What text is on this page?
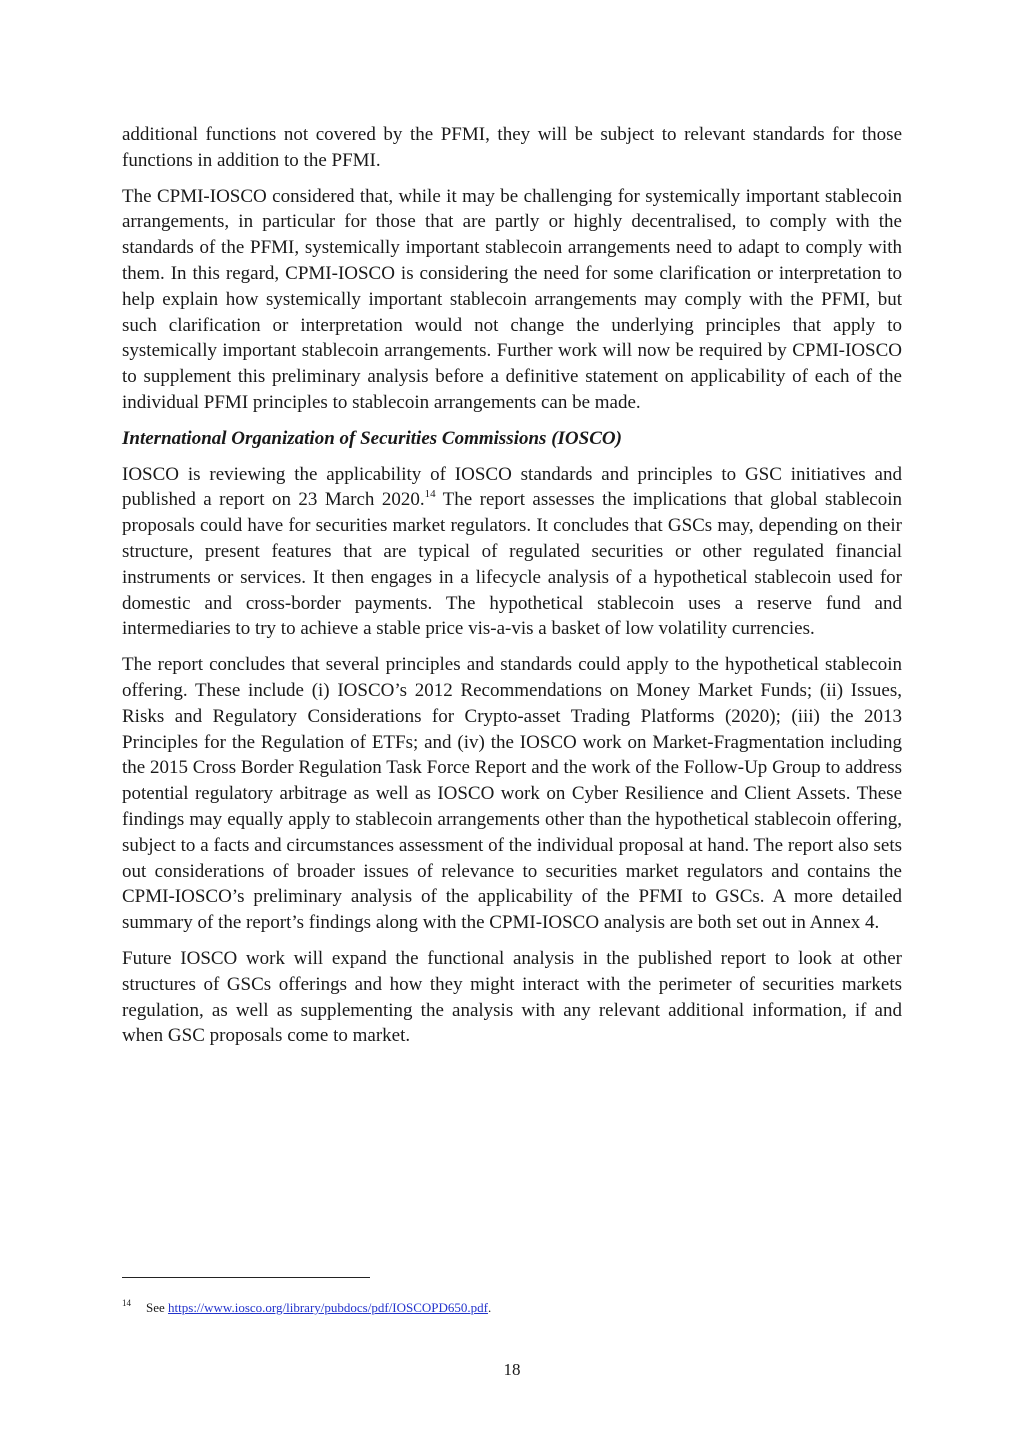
additional functions not covered by the PFMI, they will be subject to relevant standards for those functions in addition to the PFMI.

The CPMI-IOSCO considered that, while it may be challenging for systemically important stablecoin arrangements, in particular for those that are partly or highly decentralised, to comply with the standards of the PFMI, systemically important stablecoin arrangements need to adapt to comply with them. In this regard, CPMI-IOSCO is considering the need for some clarification or interpretation to help explain how systemically important stablecoin arrangements may comply with the PFMI, but such clarification or interpretation would not change the underlying principles that apply to systemically important stablecoin arrangements. Further work will now be required by CPMI-IOSCO to supplement this preliminary analysis before a definitive statement on applicability of each of the individual PFMI principles to stablecoin arrangements can be made.

International Organization of Securities Commissions (IOSCO)

IOSCO is reviewing the applicability of IOSCO standards and principles to GSC initiatives and published a report on 23 March 2020.14 The report assesses the implications that global stablecoin proposals could have for securities market regulators. It concludes that GSCs may, depending on their structure, present features that are typical of regulated securities or other regulated financial instruments or services. It then engages in a lifecycle analysis of a hypothetical stablecoin used for domestic and cross-border payments. The hypothetical stablecoin uses a reserve fund and intermediaries to try to achieve a stable price vis-a-vis a basket of low volatility currencies.

The report concludes that several principles and standards could apply to the hypothetical stablecoin offering. These include (i) IOSCO’s 2012 Recommendations on Money Market Funds; (ii) Issues, Risks and Regulatory Considerations for Crypto-asset Trading Platforms (2020); (iii) the 2013 Principles for the Regulation of ETFs; and (iv) the IOSCO work on Market-Fragmentation including the 2015 Cross Border Regulation Task Force Report and the work of the Follow-Up Group to address potential regulatory arbitrage as well as IOSCO work on Cyber Resilience and Client Assets. These findings may equally apply to stablecoin arrangements other than the hypothetical stablecoin offering, subject to a facts and circumstances assessment of the individual proposal at hand. The report also sets out considerations of broader issues of relevance to securities market regulators and contains the CPMI-IOSCO’s preliminary analysis of the applicability of the PFMI to GSCs. A more detailed summary of the report’s findings along with the CPMI-IOSCO analysis are both set out in Annex 4.

Future IOSCO work will expand the functional analysis in the published report to look at other structures of GSCs offerings and how they might interact with the perimeter of securities markets regulation, as well as supplementing the analysis with any relevant additional information, if and when GSC proposals come to market.

14 See https://www.iosco.org/library/pubdocs/pdf/IOSCOPD650.pdf.
18
